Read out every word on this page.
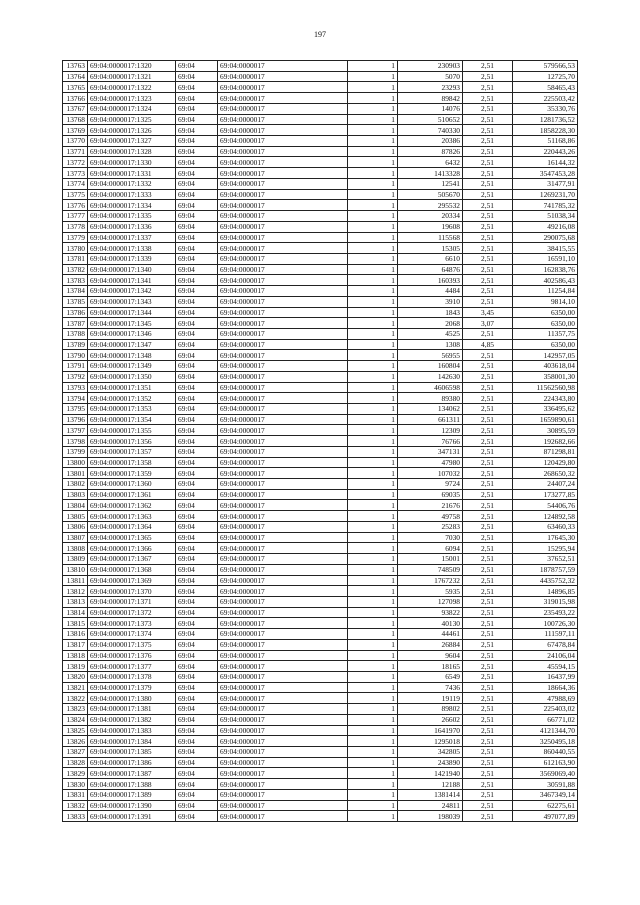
197
13763	69:04:0000017:1320	69:04	69:04:0000017	1	230903	2,51	579566,53
13764	69:04:0000017:1321	69:04	69:04:0000017	1	5070	2,51	12725,70
13765	69:04:0000017:1322	69:04	69:04:0000017	1	23293	2,51	58465,43
13766	69:04:0000017:1323	69:04	69:04:0000017	1	89842	2,51	225503,42
13767	69:04:0000017:1324	69:04	69:04:0000017	1	14076	2,51	35330,76
13768	69:04:0000017:1325	69:04	69:04:0000017	1	510652	2,51	1281736,52
13769	69:04:0000017:1326	69:04	69:04:0000017	1	740330	2,51	1858228,30
13770	69:04:0000017:1327	69:04	69:04:0000017	1	20386	2,51	51168,86
13771	69:04:0000017:1328	69:04	69:04:0000017	1	87826	2,51	220443,26
13772	69:04:0000017:1330	69:04	69:04:0000017	1	6432	2,51	16144,32
13773	69:04:0000017:1331	69:04	69:04:0000017	1	1413328	2,51	3547453,28
13774	69:04:0000017:1332	69:04	69:04:0000017	1	12541	2,51	31477,91
13775	69:04:0000017:1333	69:04	69:04:0000017	1	505670	2,51	1269231,70
13776	69:04:0000017:1334	69:04	69:04:0000017	1	295532	2,51	741785,32
13777	69:04:0000017:1335	69:04	69:04:0000017	1	20334	2,51	51038,34
13778	69:04:0000017:1336	69:04	69:04:0000017	1	19608	2,51	49216,08
13779	69:04:0000017:1337	69:04	69:04:0000017	1	115568	2,51	290075,68
13780	69:04:0000017:1338	69:04	69:04:0000017	1	15305	2,51	38415,55
13781	69:04:0000017:1339	69:04	69:04:0000017	1	6610	2,51	16591,10
13782	69:04:0000017:1340	69:04	69:04:0000017	1	64876	2,51	162838,76
13783	69:04:0000017:1341	69:04	69:04:0000017	1	160393	2,51	402586,43
13784	69:04:0000017:1342	69:04	69:04:0000017	1	4484	2,51	11254,84
13785	69:04:0000017:1343	69:04	69:04:0000017	1	3910	2,51	9814,10
13786	69:04:0000017:1344	69:04	69:04:0000017	1	1843	3,45	6350,00
13787	69:04:0000017:1345	69:04	69:04:0000017	1	2068	3,07	6350,00
13788	69:04:0000017:1346	69:04	69:04:0000017	1	4525	2,51	11357,75
13789	69:04:0000017:1347	69:04	69:04:0000017	1	1308	4,85	6350,00
13790	69:04:0000017:1348	69:04	69:04:0000017	1	56955	2,51	142957,05
13791	69:04:0000017:1349	69:04	69:04:0000017	1	160804	2,51	403618,04
13792	69:04:0000017:1350	69:04	69:04:0000017	1	142630	2,51	358001,30
13793	69:04:0000017:1351	69:04	69:04:0000017	1	4606598	2,51	11562560,98
13794	69:04:0000017:1352	69:04	69:04:0000017	1	89380	2,51	224343,80
13795	69:04:0000017:1353	69:04	69:04:0000017	1	134062	2,51	336495,62
13796	69:04:0000017:1354	69:04	69:04:0000017	1	661311	2,51	1659890,61
13797	69:04:0000017:1355	69:04	69:04:0000017	1	12309	2,51	30895,59
13798	69:04:0000017:1356	69:04	69:04:0000017	1	76766	2,51	192682,66
13799	69:04:0000017:1357	69:04	69:04:0000017	1	347131	2,51	871298,81
13800	69:04:0000017:1358	69:04	69:04:0000017	1	47980	2,51	120429,80
13801	69:04:0000017:1359	69:04	69:04:0000017	1	107032	2,51	268650,32
13802	69:04:0000017:1360	69:04	69:04:0000017	1	9724	2,51	24407,24
13803	69:04:0000017:1361	69:04	69:04:0000017	1	69035	2,51	173277,85
13804	69:04:0000017:1362	69:04	69:04:0000017	1	21676	2,51	54406,76
13805	69:04:0000017:1363	69:04	69:04:0000017	1	49758	2,51	124892,58
13806	69:04:0000017:1364	69:04	69:04:0000017	1	25283	2,51	63460,33
13807	69:04:0000017:1365	69:04	69:04:0000017	1	7030	2,51	17645,30
13808	69:04:0000017:1366	69:04	69:04:0000017	1	6094	2,51	15295,94
13809	69:04:0000017:1367	69:04	69:04:0000017	1	15001	2,51	37652,51
13810	69:04:0000017:1368	69:04	69:04:0000017	1	748509	2,51	1878757,59
13811	69:04:0000017:1369	69:04	69:04:0000017	1	1767232	2,51	4435752,32
13812	69:04:0000017:1370	69:04	69:04:0000017	1	5935	2,51	14896,85
13813	69:04:0000017:1371	69:04	69:04:0000017	1	127098	2,51	319015,98
13814	69:04:0000017:1372	69:04	69:04:0000017	1	93822	2,51	235493,22
13815	69:04:0000017:1373	69:04	69:04:0000017	1	40130	2,51	100726,30
13816	69:04:0000017:1374	69:04	69:04:0000017	1	44461	2,51	111597,11
13817	69:04:0000017:1375	69:04	69:04:0000017	1	26884	2,51	67478,84
13818	69:04:0000017:1376	69:04	69:04:0000017	1	9604	2,51	24106,04
13819	69:04:0000017:1377	69:04	69:04:0000017	1	18165	2,51	45594,15
13820	69:04:0000017:1378	69:04	69:04:0000017	1	6549	2,51	16437,99
13821	69:04:0000017:1379	69:04	69:04:0000017	1	7436	2,51	18664,36
13822	69:04:0000017:1380	69:04	69:04:0000017	1	19119	2,51	47988,69
13823	69:04:0000017:1381	69:04	69:04:0000017	1	89802	2,51	225403,02
13824	69:04:0000017:1382	69:04	69:04:0000017	1	26602	2,51	66771,02
13825	69:04:0000017:1383	69:04	69:04:0000017	1	1641970	2,51	4121344,70
13826	69:04:0000017:1384	69:04	69:04:0000017	1	1295018	2,51	3250495,18
13827	69:04:0000017:1385	69:04	69:04:0000017	1	342805	2,51	860440,55
13828	69:04:0000017:1386	69:04	69:04:0000017	1	243890	2,51	612163,90
13829	69:04:0000017:1387	69:04	69:04:0000017	1	1421940	2,51	3569069,40
13830	69:04:0000017:1388	69:04	69:04:0000017	1	12188	2,51	30591,88
13831	69:04:0000017:1389	69:04	69:04:0000017	1	1381414	2,51	3467349,14
13832	69:04:0000017:1390	69:04	69:04:0000017	1	24811	2,51	62275,61
13833	69:04:0000017:1391	69:04	69:04:0000017	1	198039	2,51	497077,89
